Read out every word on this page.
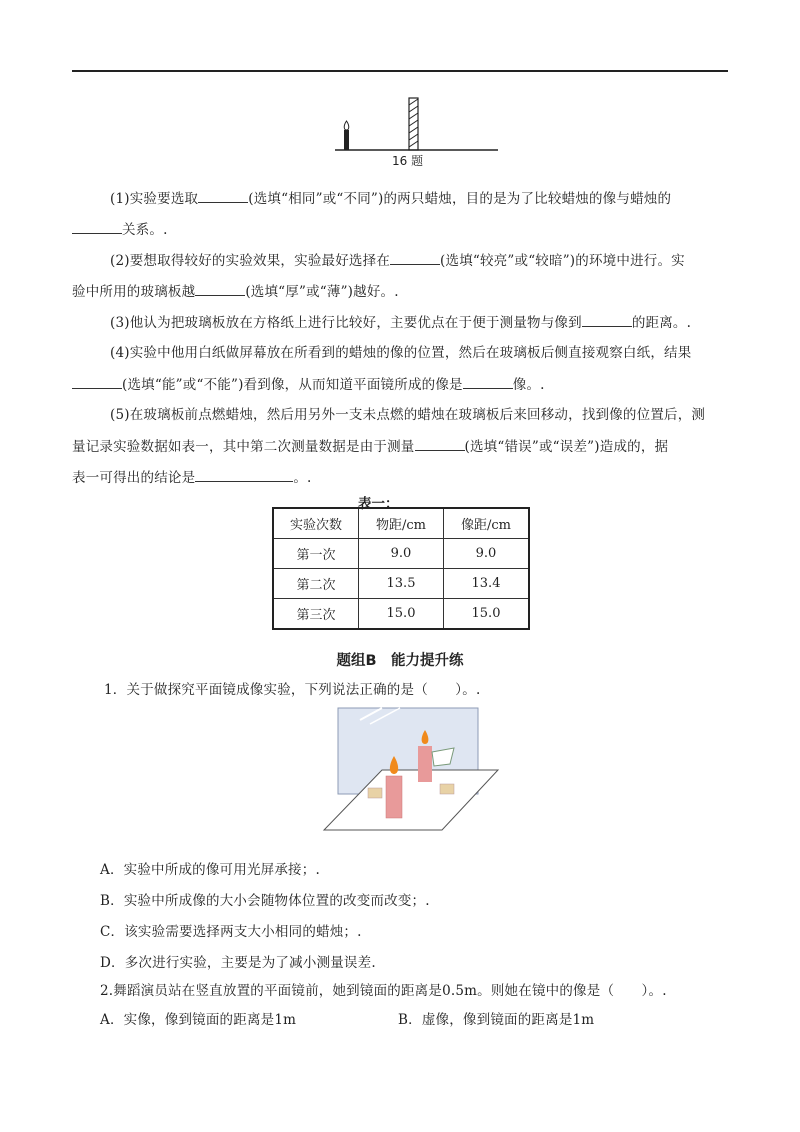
16 题
(1)实验要选取	(选填“相同”或“不同”)的两只蜡烛，目的是为了比较蜡烛的像与蜡烛的
关系。.
(2)要想取得较好的实验效果，实验最好选择在	(选填“较亮”或“较暗”)的环境中进行。实
验中所用的玻璃板越	(选填“厚”或“薄”)越好。.
(3)他认为把玻璃板放在方格纸上进行比较好，主要优点在于便于测量物与像到	的距离。.
(4)实验中他用白纸做屏幕放在所看到的蜡烛的像的位置，然后在玻璃板后侧直接观察白纸，结果
(选填“能”或“不能”)看到像，从而知道平面镜所成的像是	像。.
(5)在玻璃板前点燃蜡烛，然后用另外一支未点燃的蜡烛在玻璃板后来回移动，找到像的位置后，测
量记录实验数据如表一，其中第二次测量数据是由于测量	(选填“错误”或“误差”)造成的，据
表一可得出的结论是	。.
表一：
实验次数	物距/cm	像距/cm
第一次	9.0	9.0
第二次	13.5	13.4
第三次	15.0	15.0
题组B　能力提升练
1．关于做探究平面镜成像实验，下列说法正确的是（　　）。.
A．实验中所成的像可用光屏承接；.
B．实验中所成像的大小会随物体位置的改变而改变；.
C．该实验需要选择两支大小相同的蜡烛；.
D．多次进行实验，主要是为了减小测量误差.
2.舞蹈演员站在竖直放置的平面镜前，她到镜面的距离是0.5m。则她在镜中的像是（　　）。.
A．实像，像到镜面的距离是1m	B．虚像，像到镜面的距离是1m
